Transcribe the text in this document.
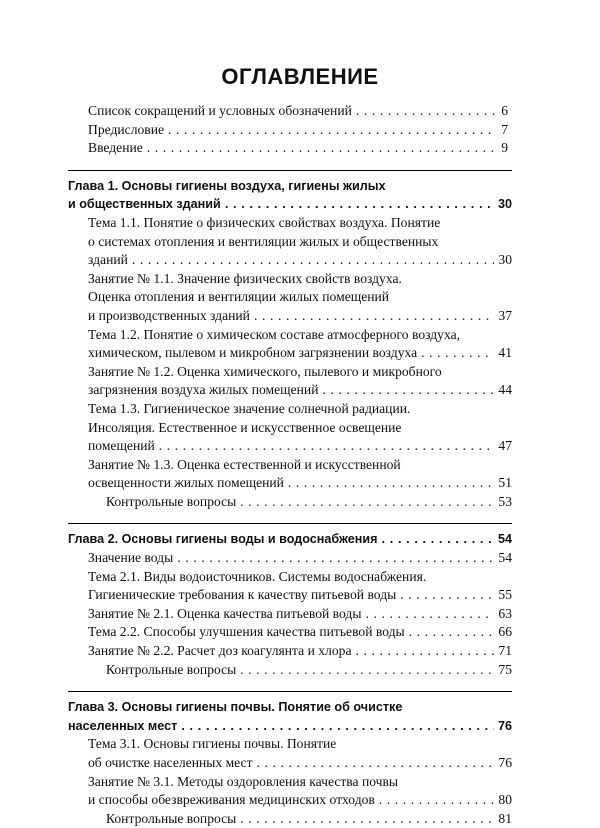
ОГЛАВЛЕНИЕ
Список сокращений и условных обозначений . . .	6
Предисловие . . .	7
Введение . . .	9
Глава 1. Основы гигиены воздуха, гигиены жилых
и общественных зданий . . .	30
Тема 1.1. Понятие о физических свойствах воздуха. Понятие
о системах отопления и вентиляции жилых и общественных
зданий . . .	30
Занятие № 1.1. Значение физических свойств воздуха.
Оценка отопления и вентиляции жилых помещений
и производственных зданий . . .	37
Тема 1.2. Понятие о химическом составе атмосферного воздуха,
химическом, пылевом и микробном загрязнении воздуха . . .	41
Занятие № 1.2. Оценка химического, пылевого и микробного
загрязнения воздуха жилых помещений . . .	44
Тема 1.3. Гигиеническое значение солнечной радиации.
Инсоляция. Естественное и искусственное освещение
помещений . . .	47
Занятие № 1.3. Оценка естественной и искусственной
освещенности жилых помещений . . .	51
Контрольные вопросы . . .	53
Глава 2. Основы гигиены воды и водоснабжения . . .	54
Значение воды . . .	54
Тема 2.1. Виды водоисточников. Системы водоснабжения.
Гигиенические требования к качеству питьевой воды . . .	55
Занятие № 2.1. Оценка качества питьевой воды . . .	63
Тема 2.2. Способы улучшения качества питьевой воды . . .	66
Занятие № 2.2. Расчет доз коагулянта и хлора . . .	71
Контрольные вопросы . . .	75
Глава 3. Основы гигиены почвы. Понятие об очистке
населенных мест . . .	76
Тема 3.1. Основы гигиены почвы. Понятие
об очистке населенных мест . . .	76
Занятие № 3.1. Методы оздоровления качества почвы
и способы обезвреживания медицинских отходов . . .	80
Контрольные вопросы . . .	81
